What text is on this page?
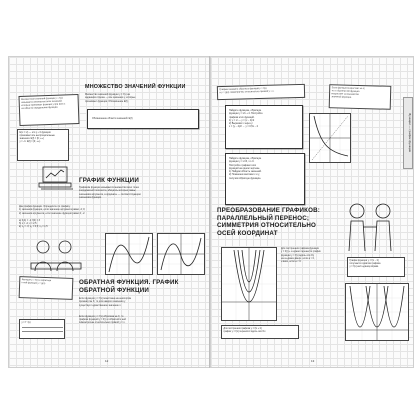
Множеством значений функции y = f(x)
называется множество всех значений,
которые принимает функция y при всех x
из области определения функции.
МНОЖЕСТВО ЗНАЧЕНИЙ ФУНКЦИИ
Множество значений функции y = f(x) на
заданном отрезке — все значения y, которые
принимает функция. Обозначение E(f).
Обозначение области значений: E(f)
E(x = x²) — это y ≥ 0 функция
принимает все неотрицательные
значения. E(f) = [0; +∞)
y = √x: E(f) = [0; +∞)
ГРАФИК ФУНКЦИИ
Графиком функции называется множество всех точек
координатной плоскости, абсциссы которых равны
значениям аргумента, а ординаты — соответствующим
значениям функции.
Дан график функции. Определите по графику:
1) значения функции, если значение аргумента равно -4; 0;
2) значения аргумента, если значение функции равно 4; -2.
a) f(-4) = -1; f(0) = 3
б) x = -4; x = 2,5
в) x₁ = -3; x₂ = 0,5; x₃ = 1,5
ОБРАТНАЯ ФУНКЦИЯ. ГРАФИК ОБРАТНОЙ ФУНКЦИИ
Если функция y = f(x) монотонна на некотором
промежутке X, то для каждого значения y
существует единственное значение x.
Если функция y = f(x) обратима на X, то
графики функций y = f(x) и обратной к ней
симметричны относительно прямой y = x.
Функция y = f(x) и обратная
к ней функция y = g(x)
y = f⁻¹(x)
12
Графики взаимно обратных функций y = f(x)
и y = g(x) симметричны относительно прямой y = x.
Если функция возрастает на X,
то и обратная ей функция
возрастает на множестве
значений функции.
Найдите функцию, обратную
функции y = 2x + 4. Постройте
графики этих функций.
1) y = x² — y = (x − 4)/2
2) Выразим x через y:
x = (y − 4)/2 → y = 0,5x − 2
Найдите функцию, обратную
функции y = x²/3, x ≥ 0.
Постройте графики этих
функций на одном чертеже.
1) Найдём область значений.
2) Поменяем местами x и y,
получим обратную функцию.
ПРЕОБРАЗОВАНИЕ ГРАФИКОВ: ПАРАЛЛЕЛЬНЫЙ ПЕРЕНОС; СИММЕТРИЯ ОТНОСИТЕЛЬНО ОСЕЙ КООРДИНАТ
Для построения графика функции
y = f(x) + a нужно перенести график
функции y = f(x) вдоль оси Oy
на a единиц вверх, если a > 0,
и вниз, если a < 0.
Для построения графика y = f(x + b)
график y = f(x) переносят вдоль оси Ox.
График функции y = f(x − b)
получается сдвигом графика
y = f(x) на b единиц вправо.
Функции — график функции
13
